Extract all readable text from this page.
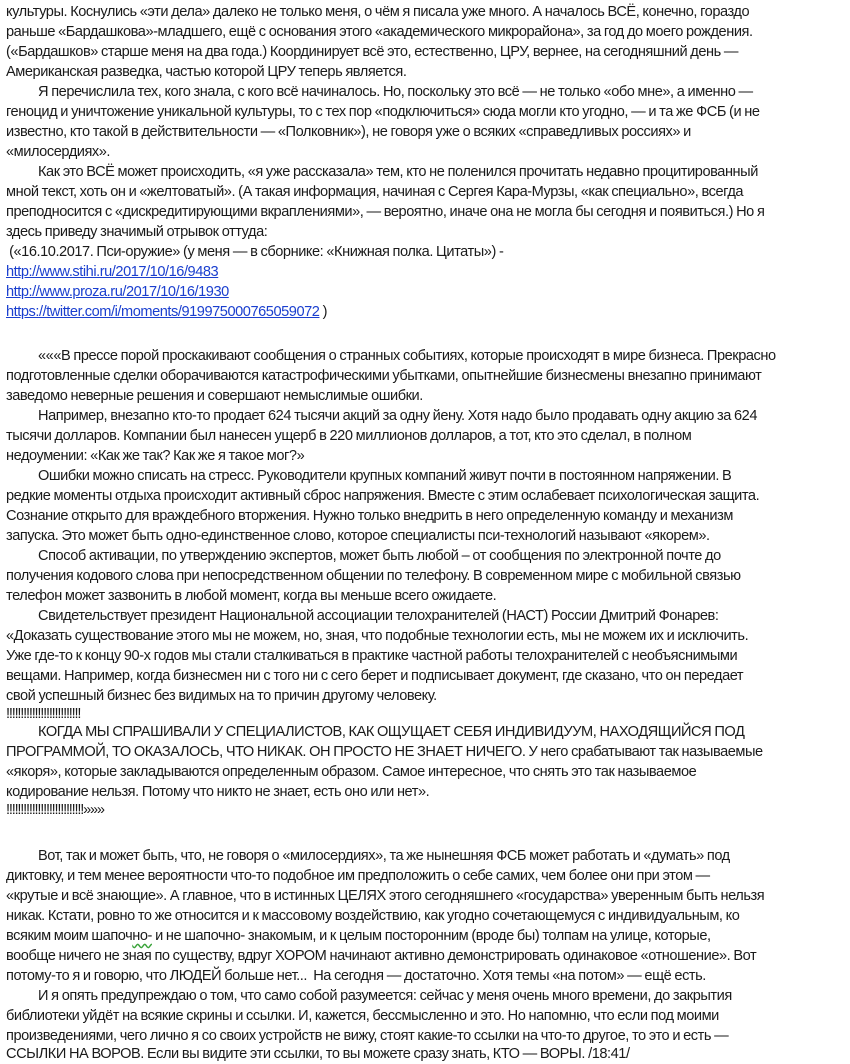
культуры. Коснулись «эти дела» далеко не только меня, о чём я писала уже много. А началось ВСЁ, конечно, гораздо
раньше «Бардашкова»-младшего, ещё с основания этого «академического микрорайона», за год до моего рождения.
(«Бардашков» старше меня на два года.) Координирует всё это, естественно, ЦРУ, вернее, на сегодняшний день —
Американская разведка, частью которой ЦРУ теперь является.
Я перечислила тех, кого знала, с кого всё начиналось. Но, поскольку это всё — не только «обо мне», а именно —
геноцид и уничтожение уникальной культуры, то с тех пор «подключиться» сюда могли кто угодно, — и та же ФСБ (и не
известно, кто такой в действительности — «Полковник»), не говоря уже о всяких «справедливых россиях» и
«милосердиях».
Как это ВСЁ может происходить, «я уже рассказала» тем, кто не поленился прочитать недавно процитированный
мной текст, хоть он и «желтоватый». (А такая информация, начиная с Сергея Кара-Мурзы, «как специально», всегда
преподносится с «дискредитирующими вкраплениями», — вероятно, иначе она не могла бы сегодня и появиться.) Но я
здесь приведу значимый отрывок оттуда:
(«16.10.2017. Пси-оружие» (у меня — в сборнике: «Книжная полка. Цитаты») -
http://www.stihi.ru/2017/10/16/9483
http://www.proza.ru/2017/10/16/1930
https://twitter.com/i/moments/919975000765059072 )
«««В прессе порой проскакивают сообщения о странных событиях, которые происходят в мире бизнеса. Прекрасно
подготовленные сделки оборачиваются катастрофическими убытками, опытнейшие бизнесмены внезапно принимают
заведомо неверные решения и совершают немыслимые ошибки.
Например, внезапно кто-то продает 624 тысячи акций за одну йену. Хотя надо было продавать одну акцию за 624
тысячи долларов. Компании был нанесен ущерб в 220 миллионов долларов, а тот, кто это сделал, в полном
недоумении: «Как же так? Как же я такое мог?»
Ошибки можно списать на стресс. Руководители крупных компаний живут почти в постоянном напряжении. В
редкие моменты отдыха происходит активный сброс напряжения. Вместе с этим ослабевает психологическая защита.
Сознание открыто для враждебного вторжения. Нужно только внедрить в него определенную команду и механизм
запуска. Это может быть одно-единственное слово, которое специалисты пси-технологий называют «якорем».
Способ активации, по утверждению экспертов, может быть любой – от сообщения по электронной почте до
получения кодового слова при непосредственном общении по телефону. В современном мире с мобильной связью
телефон может зазвонить в любой момент, когда вы меньше всего ожидаете.
Свидетельствует президент Национальной ассоциации телохранителей (НАСТ) России Дмитрий Фонарев:
«Доказать существование этого мы не можем, но, зная, что подобные технологии есть, мы не можем их и исключить.
Уже где-то к концу 90-х годов мы стали сталкиваться в практике частной работы телохранителей с необъяснимыми
вещами. Например, когда бизнесмен ни с того ни с сего берет и подписывает документ, где сказано, что он передает
свой успешный бизнес без видимых на то причин другому человеку.
!!!!!!!!!!!!!!!!!!!!!!!!!!
КОГДА МЫ СПРАШИВАЛИ У СПЕЦИАЛИСТОВ, КАК ОЩУЩАЕТ СЕБЯ ИНДИВИДУУМ, НАХОДЯЩИЙСЯ ПОД
ПРОГРАММОЙ, ТО ОКАЗАЛОСЬ, ЧТО НИКАК. ОН ПРОСТО НЕ ЗНАЕТ НИЧЕГО. У него срабатывают так называемые
«якоря», которые закладываются определенным образом. Самое интересное, что снять это так называемое
кодирование нельзя. Потому что никто не знает, есть оно или нет».
!!!!!!!!!!!!!!!!!!!!!!!!!!!»»»
Вот, так и может быть, что, не говоря о «милосердиях», та же нынешняя ФСБ может работать и «думать» под
диктовку, и тем менее вероятности что-то подобное им предположить о себе самих, чем более они при этом —
«крутые и всё знающие». А главное, что в истинных ЦЕЛЯХ этого сегодняшнего «государства» уверенным быть нельзя
никак. Кстати, ровно то же относится и к массовому воздействию, как угодно сочетающемуся с индивидуальным, ко
всяким моим шапочно- и не шапочно- знакомым, и к целым посторонним (вроде бы) толпам на улице, которые,
вообще ничего не зная по существу, вдруг ХОРОМ начинают активно демонстрировать одинаковое «отношение». Вот
потому-то я и говорю, что ЛЮДЕЙ больше нет...  На сегодня — достаточно. Хотя темы «на потом» — ещё есть.
И я опять предупреждаю о том, что само собой разумеется: сейчас у меня очень много времени, до закрытия
библиотеки уйдёт на всякие скрины и ссылки. И, кажется, бессмысленно и это. Но напомню, что если под моими
произведениями, чего лично я со своих устройств не вижу, стоят какие-то ссылки на что-то другое, то это и есть —
ССЫЛКИ НА ВОРОВ. Если вы видите эти ссылки, то вы можете сразу знать, КТО — ВОРЫ. /18:41/
